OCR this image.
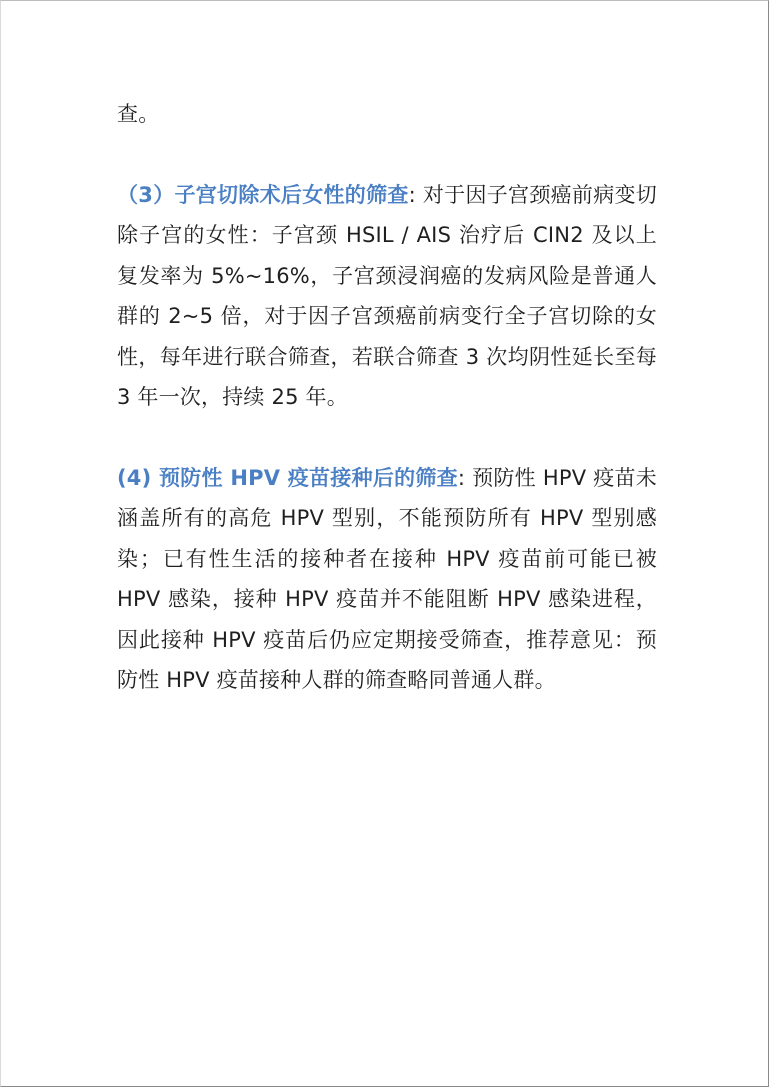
查。

（3）子宫切除术后女性的筛查: 对于因子宫颈癌前病变切除子宫的女性：子宫颈 HSIL / AIS 治疗后 CIN2 及以上复发率为 5%~16%，子宫颈浸润癌的发病风险是普通人群的 2~5 倍，对于因子宫颈癌前病变行全子宫切除的女性，每年进行联合筛查，若联合筛查 3 次均阴性延长至每 3 年一次，持续 25 年。

(4) 预防性 HPV 疫苗接种后的筛查: 预防性 HPV 疫苗未涵盖所有的高危 HPV 型别，不能预防所有 HPV 型别感染；已有性生活的接种者在接种 HPV 疫苗前可能已被 HPV 感染，接种 HPV 疫苗并不能阻断 HPV 感染进程，因此接种 HPV 疫苗后仍应定期接受筛查，推荐意见：预防性 HPV 疫苗接种人群的筛查略同普通人群。
